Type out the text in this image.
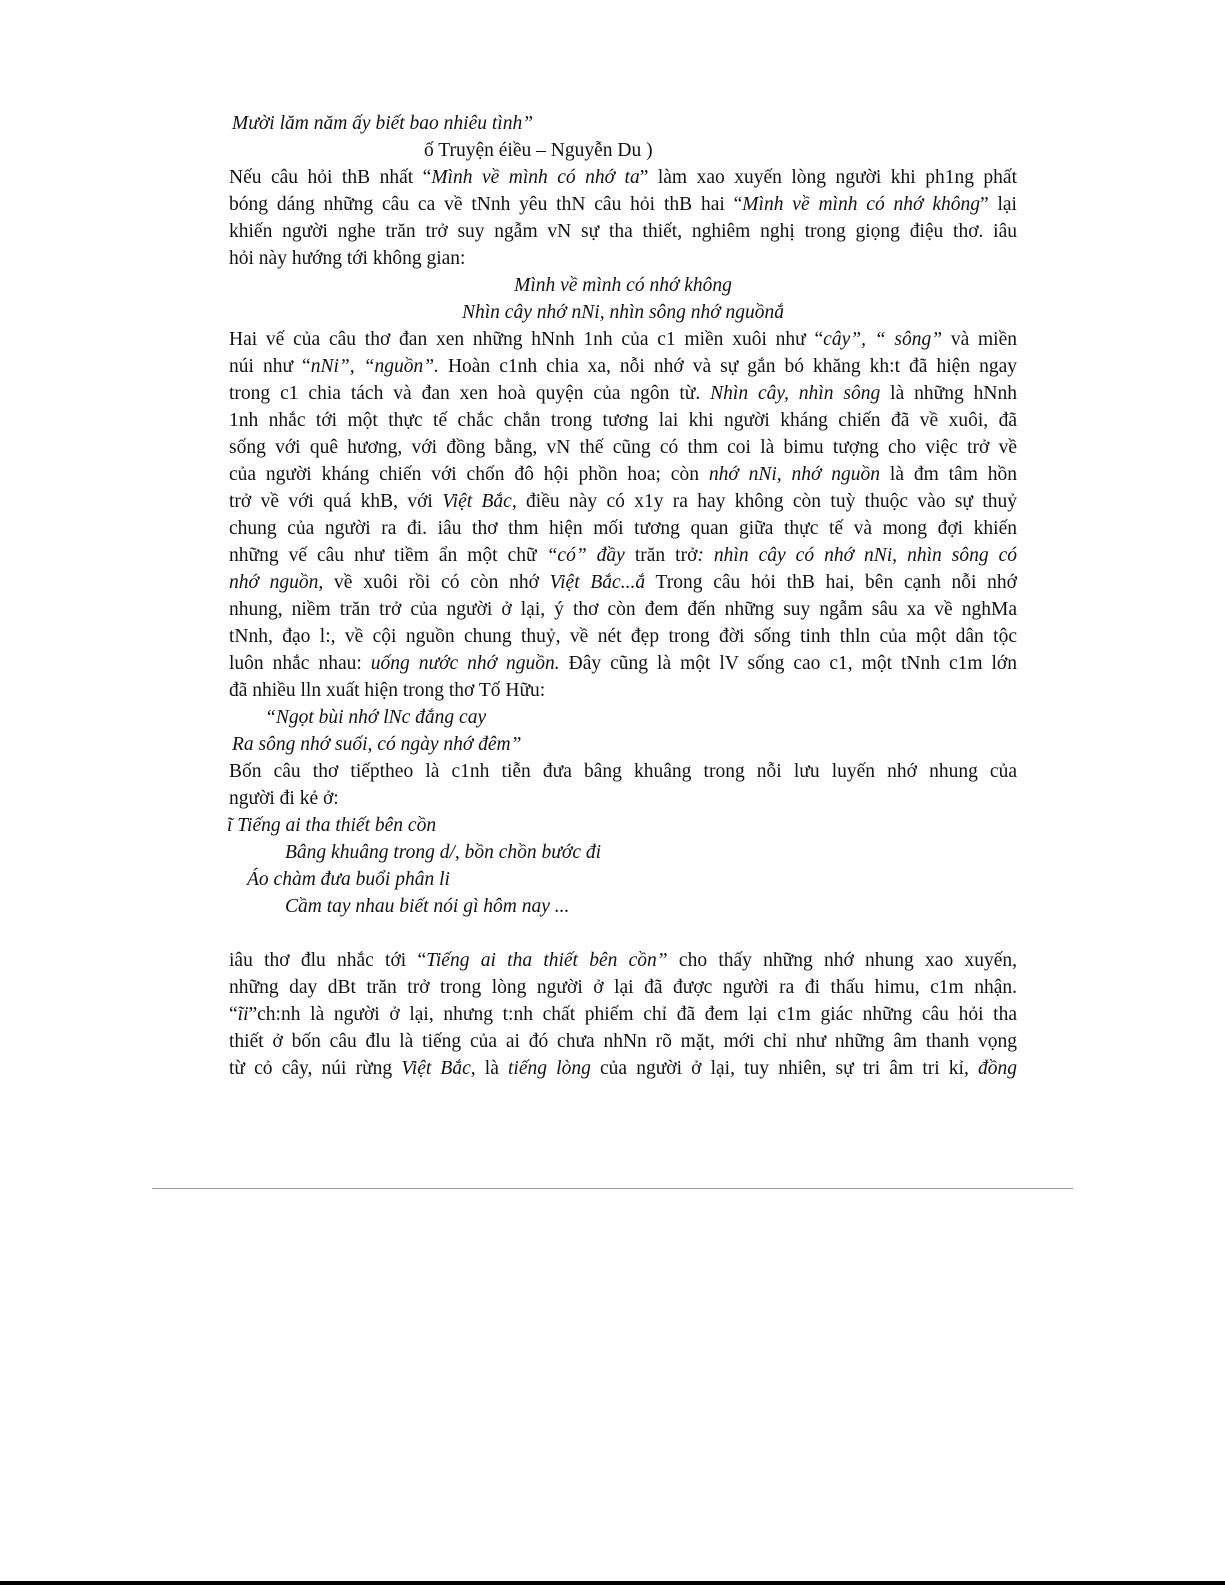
Mười lăm năm ấy biết bao nhiêu tình”
ố Truyện éiều – Nguyễn Du )
Nếu câu hỏi thB nhất “Mình về mình có nhớ ta” làm xao xuyến lòng người khi ph1ng phất
bóng dáng những câu ca về tNnh yêu thN câu hỏi thB hai “Mình về mình có nhớ không” lại
khiến người nghe trăn trở suy ngẫm vN sự tha thiết, nghiêm nghị trong giọng điệu thơ. iâu
hỏi này hướng tới không gian:
Mình về mình có nhớ không
Nhìn cây nhớ nNi, nhìn sông nhớ nguồnắ
Hai vế của câu thơ đan xen những hNnh 1nh của c1 miền xuôi như “cây”, “ sông” và miền
núi như “nNi”, “nguồn”. Hoàn c1nh chia xa, nỗi nhớ và sự gắn bó khăng kh:t đã hiện ngay
trong c1 chia tách và đan xen hoà quyện của ngôn từ. Nhìn cây, nhìn sông là những hNnh
1nh nhắc tới một thực tế chắc chắn trong tương lai khi người kháng chiến đã về xuôi, đã
sống với quê hương, với đồng bằng, vN thế cũng có thm coi là bimu tượng cho việc trở về
của người kháng chiến với chốn đô hội phồn hoa; còn nhớ nNi, nhớ nguồn là đm tâm hồn
trở về với quá khB, với Việt Bắc, điều này có x1y ra hay không còn tuỳ thuộc vào sự thuỷ
chung của người ra đi. iâu thơ thm hiện mối tương quan giữa thực tế và mong đợi khiến
những vế câu như tiềm ẩn một chữ “có” đầy trăn trở: nhìn cây có nhớ nNi, nhìn sông có
nhớ nguồn, về xuôi rồi có còn nhớ Việt Bắc...ắ Trong câu hỏi thB hai, bên cạnh nỗi nhớ
nhung, niềm trăn trở của người ở lại, ý thơ còn đem đến những suy ngẫm sâu xa về nghMa
tNnh, đạo l:, về cội nguồn chung thuỷ, về nét đẹp trong đời sống tinh thln của một dân tộc
luôn nhắc nhau: uống nước nhớ nguồn. Đây cũng là một lV sống cao c1, một tNnh c1m lớn
đã nhiều lln xuất hiện trong thơ Tố Hữu:
“Ngọt bùi nhớ lNc đắng cay
Ra sông nhớ suối, có ngày nhớ đêm”
Bốn câu thơ tiếptheo là c1nh tiễn đưa bâng khuâng trong nỗi lưu luyến nhớ nhung của
người đi kẻ ở:
ĩ Tiếng ai tha thiết bên cồn
Bâng khuâng trong d/, bồn chồn bước đi
Áo chàm đưa buổi phân li
Cầm tay nhau biết nói gì hôm nay ...
iâu thơ đlu nhắc tới “Tiếng ai tha thiết bên cồn” cho thấy những nhớ nhung xao xuyến,
những day dBt trăn trở trong lòng người ở lại đã được người ra đi thấu himu, c1m nhận.
“ĩi”ch:nh là người ở lại, nhưng t:nh chất phiếm chỉ đã đem lại c1m giác những câu hỏi tha
thiết ở bốn câu đlu là tiếng của ai đó chưa nhNn rõ mặt, mới chỉ như những âm thanh vọng
từ cỏ cây, núi rừng Việt Bắc, là tiếng lòng của người ở lại, tuy nhiên, sự tri âm tri kỉ, đồng
